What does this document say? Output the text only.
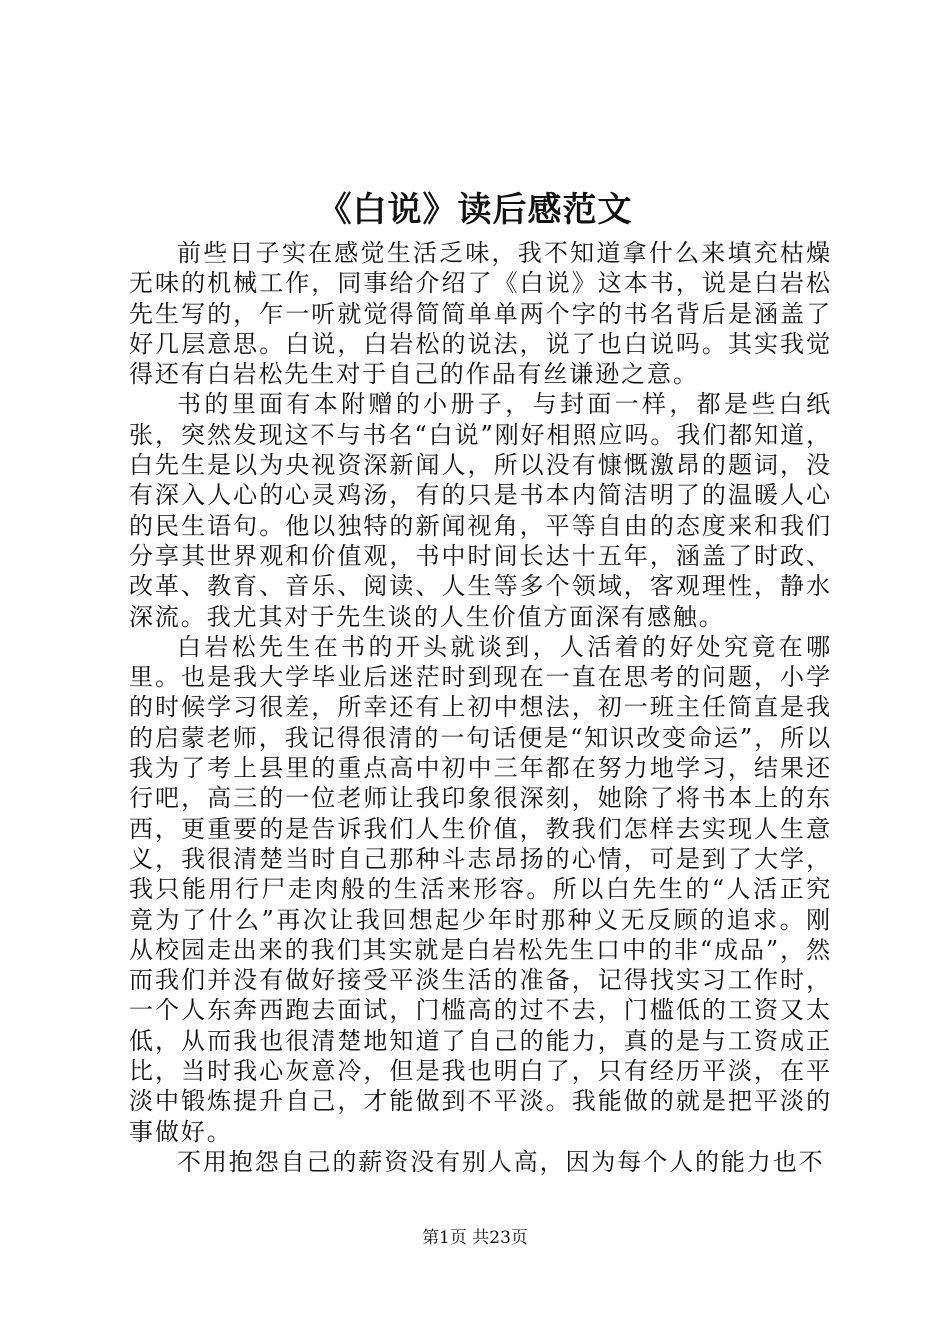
《白说》读后感范文

前些日子实在感觉生活乏味，我不知道拿什么来填充枯燥无味的机械工作，同事给介绍了《白说》这本书，说是白岩松先生写的，乍一听就觉得简简单单两个字的书名背后是涵盖了好几层意思。白说，白岩松的说法，说了也白说吗。其实我觉得还有白岩松先生对于自己的作品有丝谦逊之意。

书的里面有本附赠的小册子，与封面一样，都是些白纸张，突然发现这不与书名“白说”刚好相照应吗。我们都知道，白先生是以为央视资深新闻人，所以没有慷慨激昂的题词，没有深入人心的心灵鸡汤，有的只是书本内简洁明了的温暖人心的民生语句。他以独特的新闻视角，平等自由的态度来和我们分享其世界观和价值观，书中时间长达十五年，涵盖了时政、改革、教育、音乐、阅读、人生等多个领域，客观理性，静水深流。我尤其对于先生谈的人生价值方面深有感触。

白岩松先生在书的开头就谈到，人活着的好处究竟在哪里。也是我大学毕业后迷茫时到现在一直在思考的问题，小学的时候学习很差，所幸还有上初中想法，初一班主任简直是我的启蒙老师，我记得很清的一句话便是“知识改变命运”，所以我为了考上县里的重点高中初中三年都在努力地学习，结果还行吧，高三的一位老师让我印象很深刻，她除了将书本上的东西，更重要的是告诉我们人生价值，教我们怎样去实现人生意义，我很清楚当时自己那种斗志昂扬的心情，可是到了大学，我只能用行尸走肉般的生活来形容。所以白先生的“人活正究竟为了什么”再次让我回想起少年时那种义无反顾的追求。刚从校园走出来的我们其实就是白岩松先生口中的非“成品”，然而我们并没有做好接受平淡生活的准备，记得找实习工作时，一个人东奔西跑去面试，门槛高的过不去，门槛低的工资又太低，从而我也很清楚地知道了自己的能力，真的是与工资成正比，当时我心灰意冷，但是我也明白了，只有经历平淡，在平淡中锻炼提升自己，才能做到不平淡。我能做的就是把平淡的事做好。

不用抱怨自己的薪资没有别人高，因为每个人的能力也不

第1页 共23页
